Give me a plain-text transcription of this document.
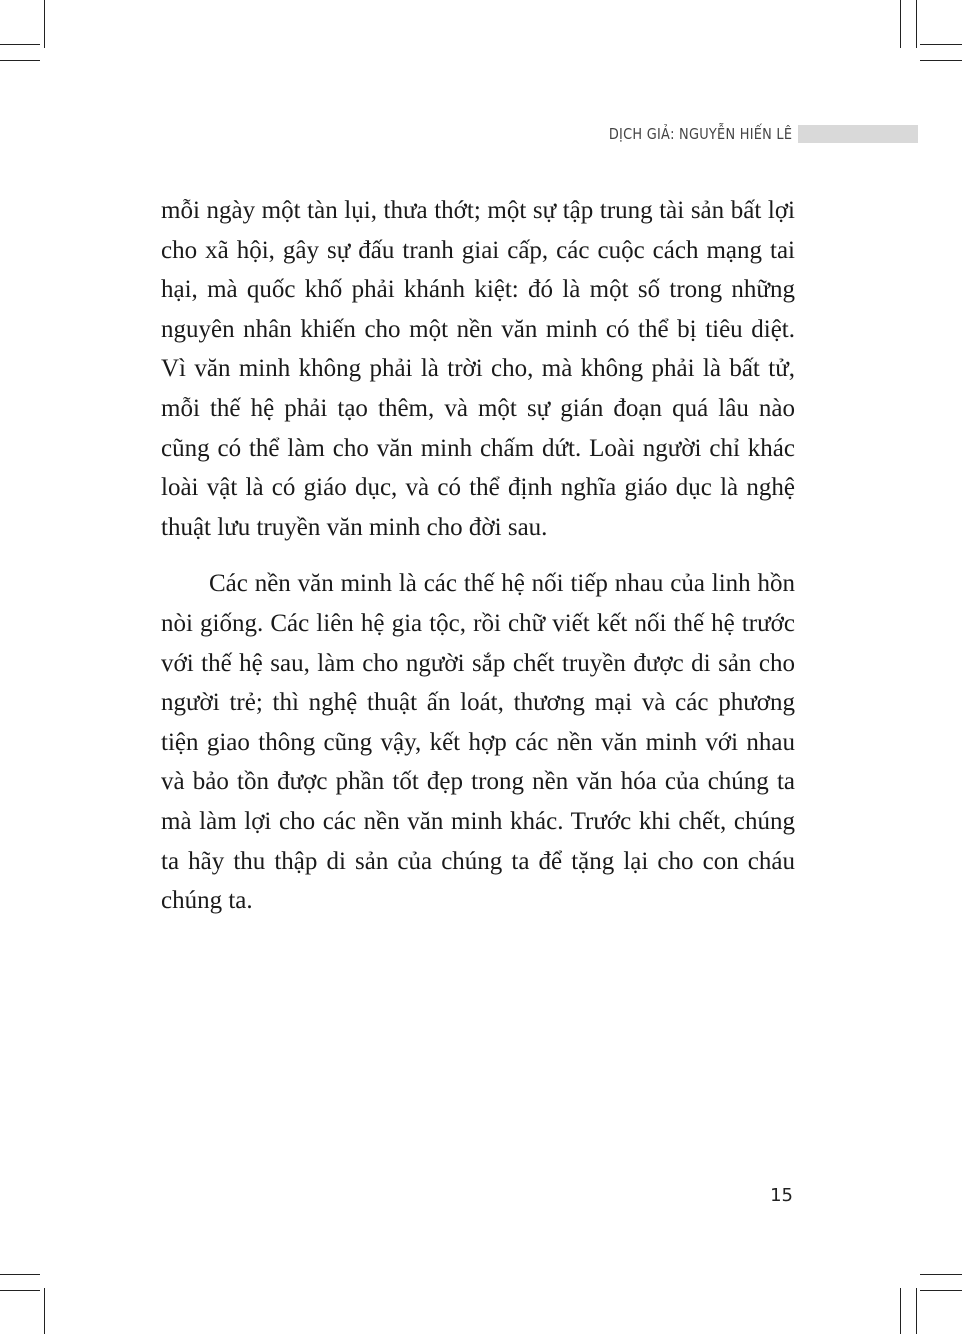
DỊCH GIẢ: NGUYỄN HIẾN LÊ

mỗi ngày một tàn lụi, thưa thớt; một sự tập trung tài sản bất lợi cho xã hội, gây sự đấu tranh giai cấp, các cuộc cách mạng tai hại, mà quốc khố phải khánh kiệt: đó là một số trong những nguyên nhân khiến cho một nền văn minh có thể bị tiêu diệt. Vì văn minh không phải là trời cho, mà không phải là bất tử, mỗi thế hệ phải tạo thêm, và một sự gián đoạn quá lâu nào cũng có thể làm cho văn minh chấm dứt. Loài người chỉ khác loài vật là có giáo dục, và có thể định nghĩa giáo dục là nghệ thuật lưu truyền văn minh cho đời sau.

Các nền văn minh là các thế hệ nối tiếp nhau của linh hồn nòi giống. Các liên hệ gia tộc, rồi chữ viết kết nối thế hệ trước với thế hệ sau, làm cho người sắp chết truyền được di sản cho người trẻ; thì nghệ thuật ấn loát, thương mại và các phương tiện giao thông cũng vậy, kết hợp các nền văn minh với nhau và bảo tồn được phần tốt đẹp trong nền văn hóa của chúng ta mà làm lợi cho các nền văn minh khác. Trước khi chết, chúng ta hãy thu thập di sản của chúng ta để tặng lại cho con cháu chúng ta.

15
